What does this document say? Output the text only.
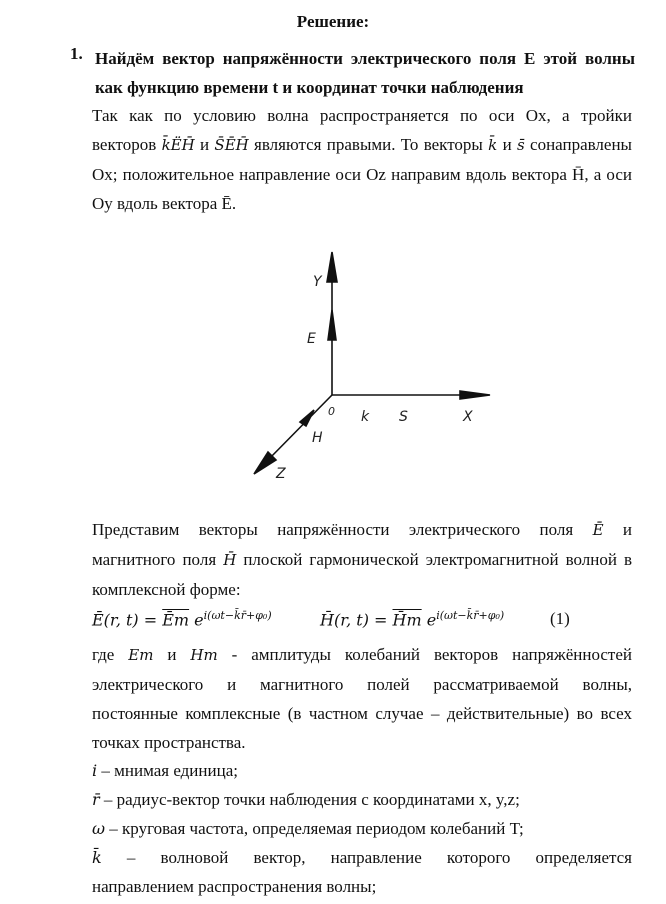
Решение:
1. Найдём вектор напряжённости электрического поля E этой волны как функцию времени t и координат точки наблюдения
Так как по условию волна распространяется по оси Ox, а тройки
векторов k̄ËH̄ и S̄ĒH̄ являются правыми. То векторы k̄ и s̄ сонаправлены
Ox; положительное направление оси Oz направим вдоль вектора H̄, а оси
Oy вдоль вектора Ē.
Y
E
0 k S	X
H
Z
Представим векторы напряжённости электрического поля Ē и
магнитного поля H̄ плоской гармонической электромагнитной волной в
комплексной форме:
Ē(r, $t) = \overline{Ēm}$ $e^{i(\omega t-k̄r̄+\varphi_0)}$	H̄(r, t) = H̄m $e^{i(\omega t-k̄r̄+\varphi_0)}$	(1)
где Em и Hm - амплитуды колебаний векторов напряжённостей
электрического и магнитного полей рассматриваемой волны,
постоянные комплексные (в частном случае – действительные) во всех
точках пространства.
i – мнимая единица;
r̄ – радиус-вектор точки наблюдения с координатами x, y,z;
ω – круговая частота, определяемая периодом колебаний T;
k̄ – волновой вектор, направление которого определяется
направлением распространения волны;
